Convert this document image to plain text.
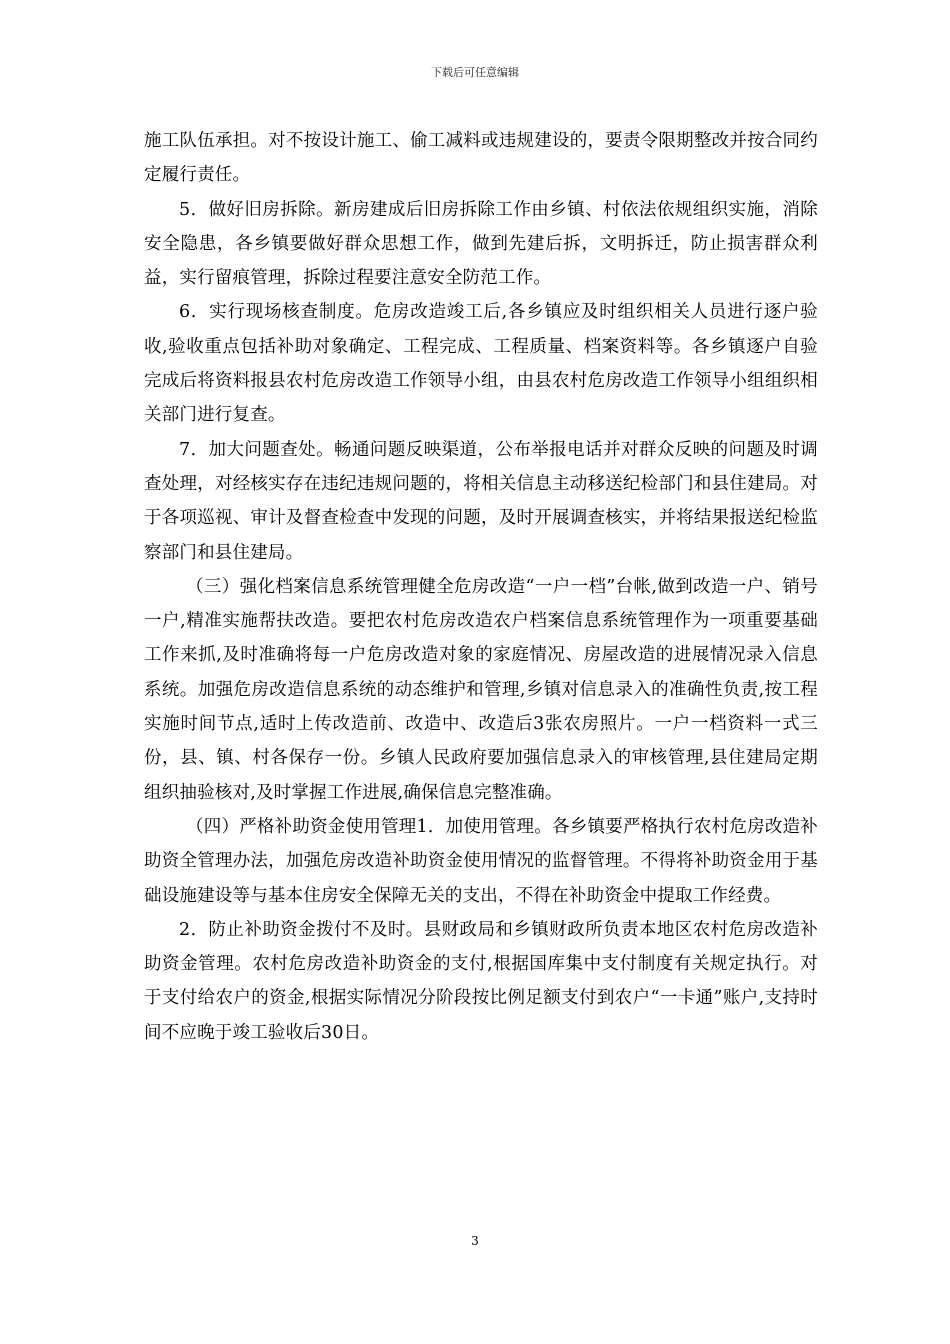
下载后可任意编辑

施工队伍承担。对不按设计施工、偷工减料或违规建设的，要责令限期整改并按合同约定履行责任。

5．做好旧房拆除。新房建成后旧房拆除工作由乡镇、村依法依规组织实施，消除安全隐患，各乡镇要做好群众思想工作，做到先建后拆，文明拆迁，防止损害群众利益，实行留痕管理，拆除过程要注意安全防范工作。

6．实行现场核查制度。危房改造竣工后,各乡镇应及时组织相关人员进行逐户验收,验收重点包括补助对象确定、工程完成、工程质量、档案资料等。各乡镇逐户自验完成后将资料报县农村危房改造工作领导小组，由县农村危房改造工作领导小组组织相关部门进行复查。

7．加大问题查处。畅通问题反映渠道，公布举报电话并对群众反映的问题及时调查处理，对经核实存在违纪违规问题的，将相关信息主动移送纪检部门和县住建局。对于各项巡视、审计及督查检查中发现的问题，及时开展调查核实，并将结果报送纪检监察部门和县住建局。

（三）强化档案信息系统管理健全危房改造“一户一档”台帐,做到改造一户、销号一户,精准实施帮扶改造。要把农村危房改造农户档案信息系统管理作为一项重要基础工作来抓,及时准确将每一户危房改造对象的家庭情况、房屋改造的进展情况录入信息系统。加强危房改造信息系统的动态维护和管理,乡镇对信息录入的准确性负责,按工程实施时间节点,适时上传改造前、改造中、改造后3张农房照片。一户一档资料一式三份，县、镇、村各保存一份。乡镇人民政府要加强信息录入的审核管理,县住建局定期组织抽验核对,及时掌握工作进展,确保信息完整准确。

（四）严格补助资金使用管理1．加使用管理。各乡镇要严格执行农村危房改造补助资全管理办法，加强危房改造补助资金使用情况的监督管理。不得将补助资金用于基础设施建设等与基本住房安全保障无关的支出，不得在补助资金中提取工作经费。

2．防止补助资金拨付不及时。县财政局和乡镇财政所负责本地区农村危房改造补助资金管理。农村危房改造补助资金的支付,根据国库集中支付制度有关规定执行。对于支付给农户的资金,根据实际情况分阶段按比例足额支付到农户“一卡通”账户,支持时间不应晚于竣工验收后30日。

3
